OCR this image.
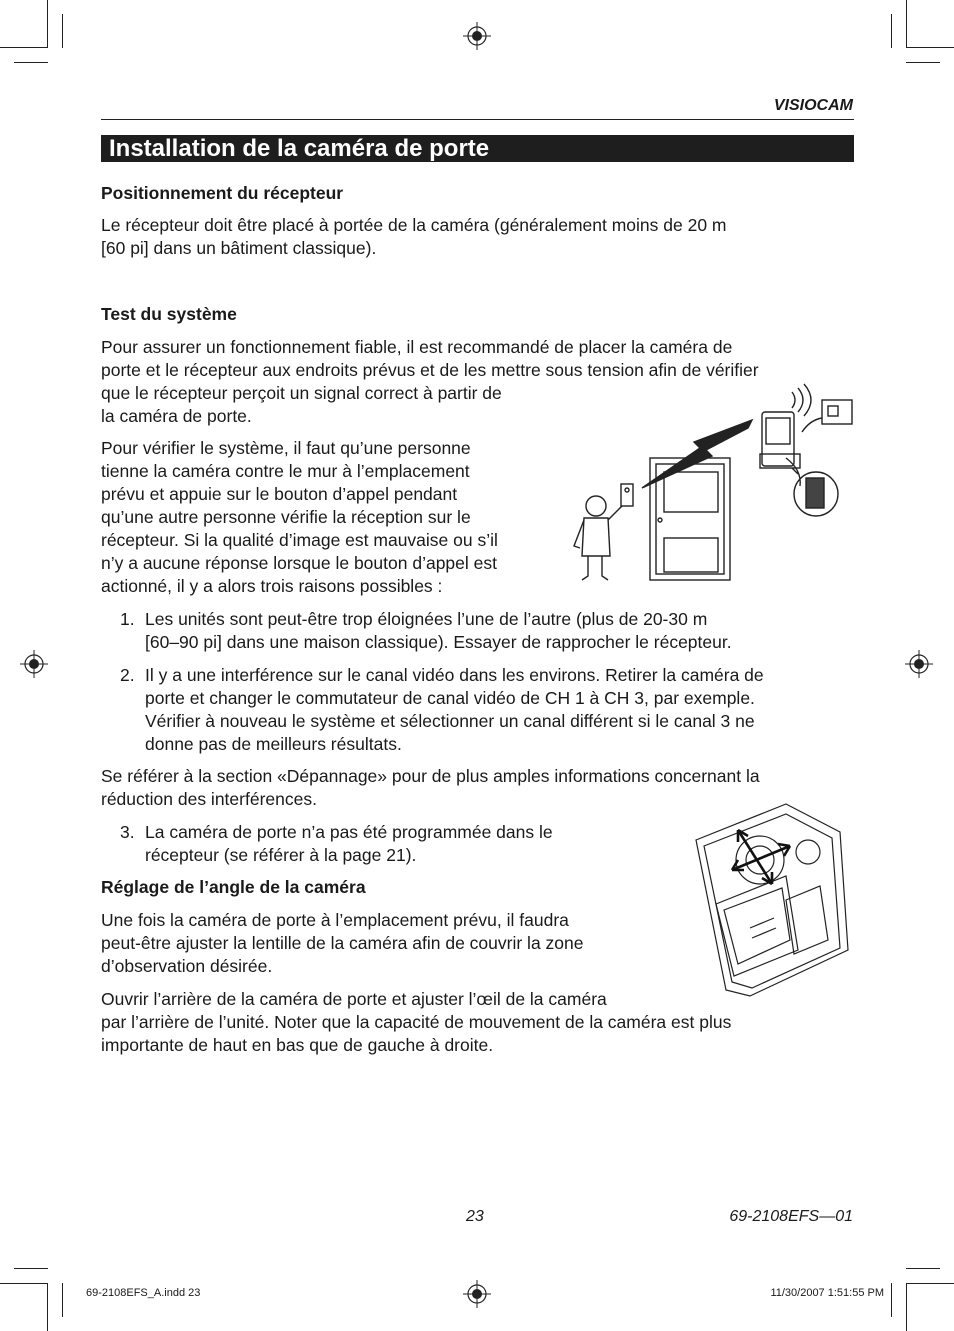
VISIOCAM
Installation de la caméra de porte
Positionnement du récepteur
Le récepteur doit être placé à portée de la caméra (généralement moins de 20 m
[60 pi] dans un bâtiment classique).
Test du système
Pour assurer un fonctionnement fiable, il est recommandé de placer la caméra de
porte et le récepteur aux endroits prévus et de les mettre sous tension afin de vérifier
que le récepteur perçoit un signal correct à partir de
la caméra de porte.
Pour vérifier le système, il faut qu’une personne
tienne la caméra contre le mur à l’emplacement
prévu et appuie sur le bouton d’appel pendant
qu’une autre personne vérifie la réception sur le
récepteur. Si la qualité d’image est mauvaise ou s’il
n’y a aucune réponse lorsque le bouton d’appel est
actionné, il y a alors trois raisons possibles :
1. Les unités sont peut-être trop éloignées l’une de l’autre (plus de 20-30 m
[60–90 pi] dans une maison classique). Essayer de rapprocher le récepteur.
2. Il y a une interférence sur le canal vidéo dans les environs. Retirer la caméra de
porte et changer le commutateur de canal vidéo de CH 1 à CH 3, par exemple.
Vérifier à nouveau le système et sélectionner un canal différent si le canal 3 ne
donne pas de meilleurs résultats.
Se référer à la section «Dépannage» pour de plus amples informations concernant la
réduction des interférences.
3. La caméra de porte n’a pas été programmée dans le
récepteur (se référer à la page 21).
Réglage de l’angle de la caméra
Une fois la caméra de porte à l’emplacement prévu, il faudra
peut-être ajuster la lentille de la caméra afin de couvrir la zone
d’observation désirée.
Ouvrir l’arrière de la caméra de porte et ajuster l’œil de la caméra
par l’arrière de l’unité. Noter que la capacité de mouvement de la caméra est plus
importante de haut en bas que de gauche à droite.
23	69-2108EFS—01
69-2108EFS_A.indd 23	11/30/2007 1:51:55 PM
